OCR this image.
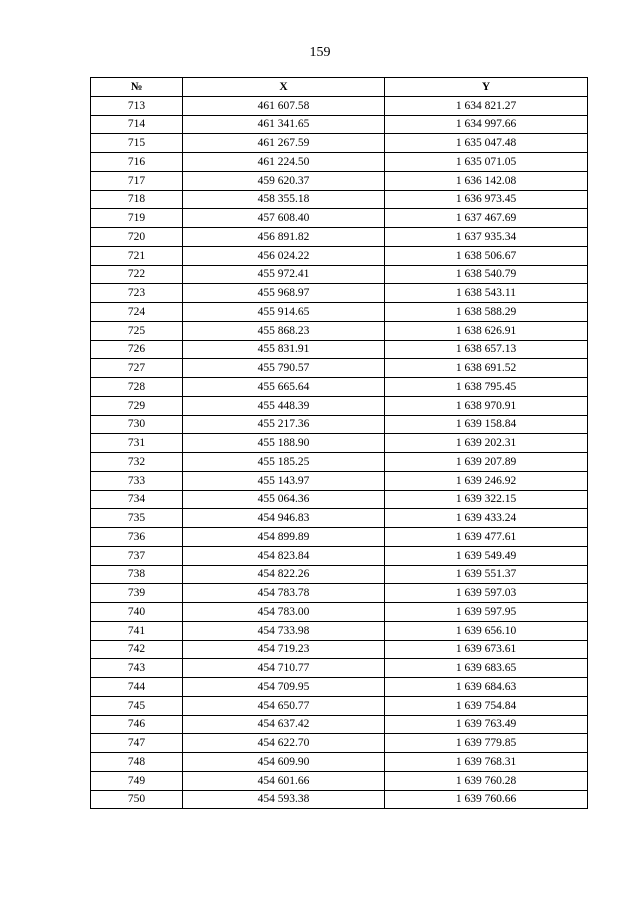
159
№	X	Y
713	461 607.58	1 634 821.27
714	461 341.65	1 634 997.66
715	461 267.59	1 635 047.48
716	461 224.50	1 635 071.05
717	459 620.37	1 636 142.08
718	458 355.18	1 636 973.45
719	457 608.40	1 637 467.69
720	456 891.82	1 637 935.34
721	456 024.22	1 638 506.67
722	455 972.41	1 638 540.79
723	455 968.97	1 638 543.11
724	455 914.65	1 638 588.29
725	455 868.23	1 638 626.91
726	455 831.91	1 638 657.13
727	455 790.57	1 638 691.52
728	455 665.64	1 638 795.45
729	455 448.39	1 638 970.91
730	455 217.36	1 639 158.84
731	455 188.90	1 639 202.31
732	455 185.25	1 639 207.89
733	455 143.97	1 639 246.92
734	455 064.36	1 639 322.15
735	454 946.83	1 639 433.24
736	454 899.89	1 639 477.61
737	454 823.84	1 639 549.49
738	454 822.26	1 639 551.37
739	454 783.78	1 639 597.03
740	454 783.00	1 639 597.95
741	454 733.98	1 639 656.10
742	454 719.23	1 639 673.61
743	454 710.77	1 639 683.65
744	454 709.95	1 639 684.63
745	454 650.77	1 639 754.84
746	454 637.42	1 639 763.49
747	454 622.70	1 639 779.85
748	454 609.90	1 639 768.31
749	454 601.66	1 639 760.28
750	454 593.38	1 639 760.66
